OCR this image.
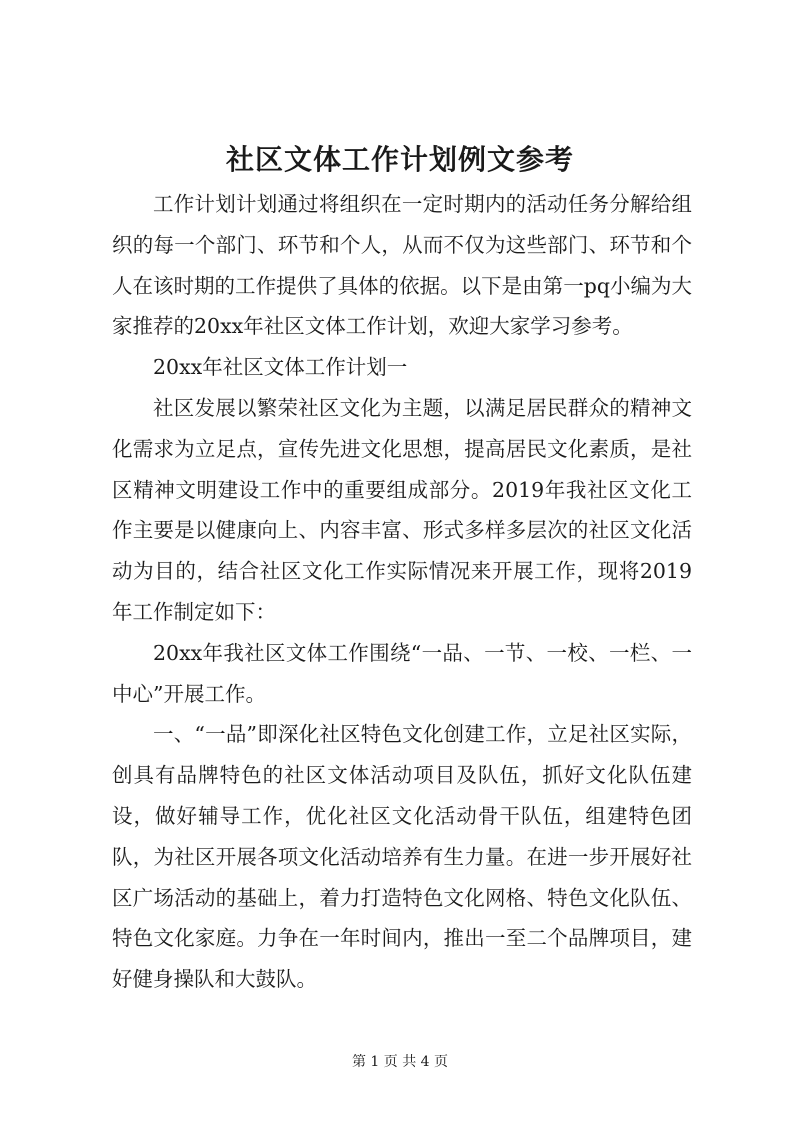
社区文体工作计划例文参考

工作计划计划通过将组织在一定时期内的活动任务分解给组织的每一个部门、环节和个人，从而不仅为这些部门、环节和个人在该时期的工作提供了具体的依据。以下是由第一pq小编为大家推荐的20xx年社区文体工作计划，欢迎大家学习参考。

20xx年社区文体工作计划一

社区发展以繁荣社区文化为主题，以满足居民群众的精神文化需求为立足点，宣传先进文化思想，提高居民文化素质，是社区精神文明建设工作中的重要组成部分。2019年我社区文化工作主要是以健康向上、内容丰富、形式多样多层次的社区文化活动为目的，结合社区文化工作实际情况来开展工作，现将2019年工作制定如下：

20xx年我社区文体工作围绕“一品、一节、一校、一栏、一中心”开展工作。

一、“一品”即深化社区特色文化创建工作，立足社区实际，创具有品牌特色的社区文体活动项目及队伍，抓好文化队伍建设，做好辅导工作，优化社区文化活动骨干队伍，组建特色团队，为社区开展各项文化活动培养有生力量。在进一步开展好社区广场活动的基础上，着力打造特色文化网格、特色文化队伍、特色文化家庭。力争在一年时间内，推出一至二个品牌项目，建好健身操队和大鼓队。

第 1 页 共 4 页
